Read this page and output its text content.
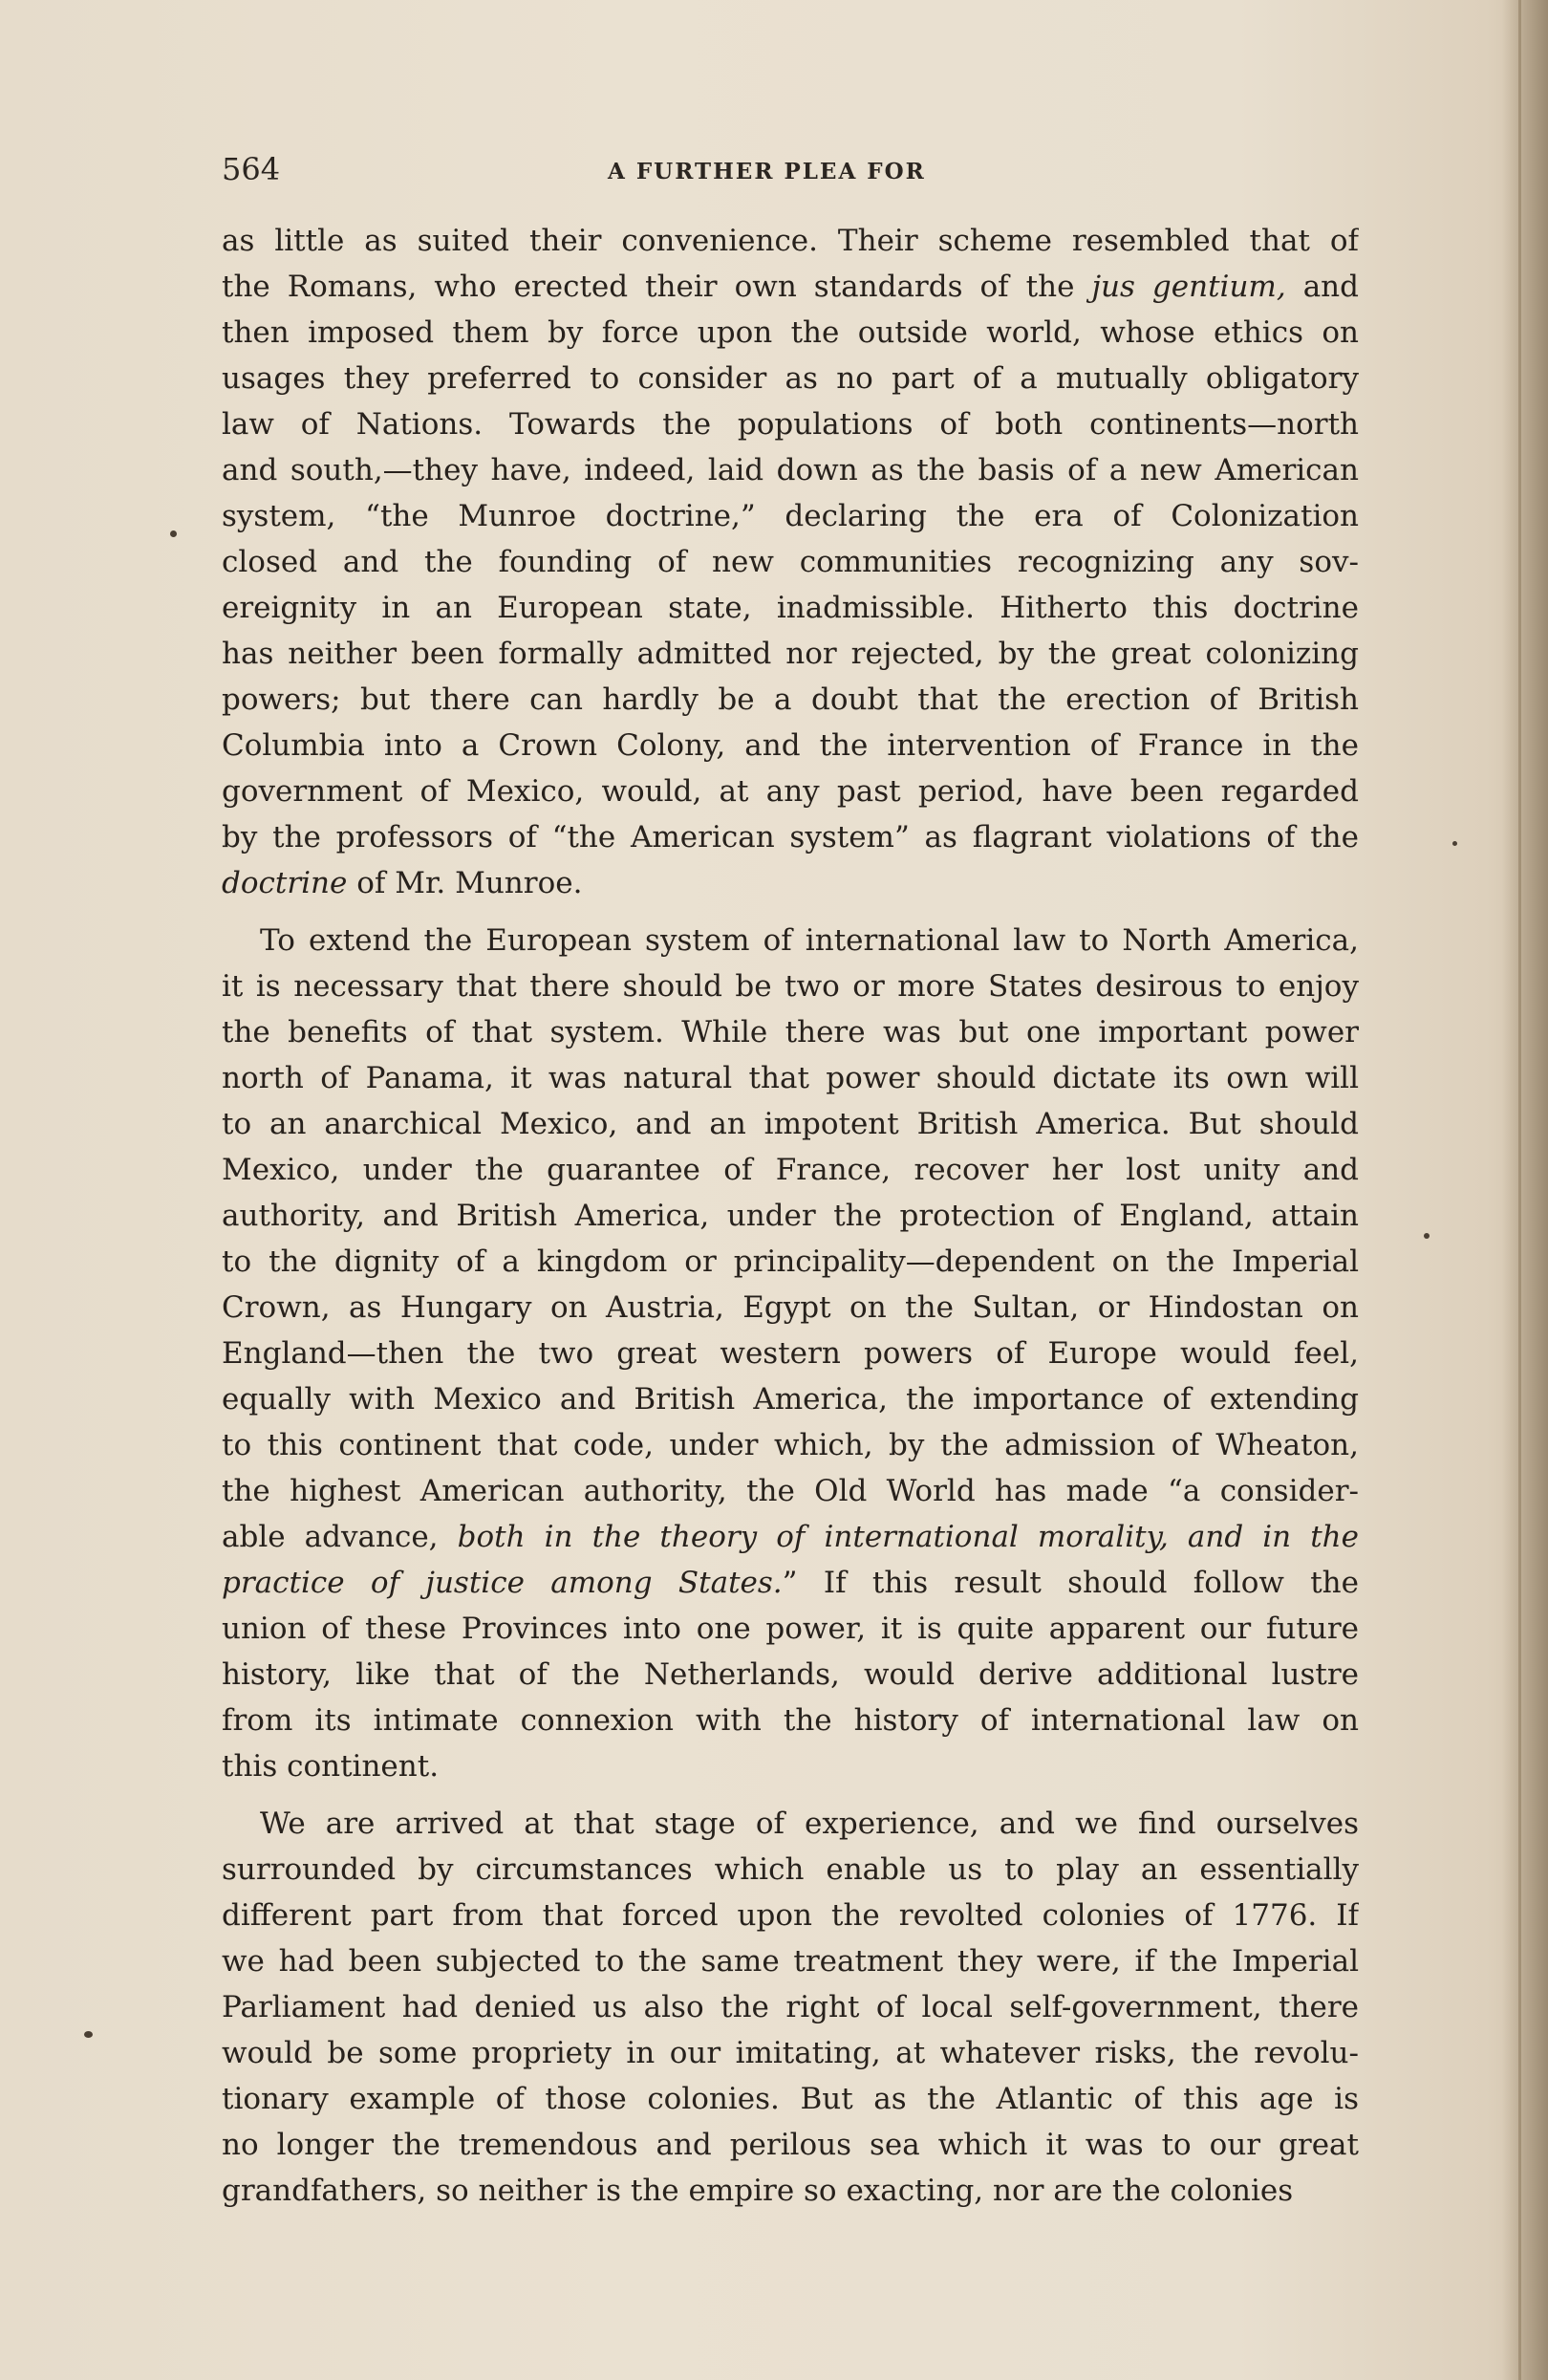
564	A FURTHER PLEA FOR
as little as suited their convenience. Their scheme resembled that of
the Romans, who erected their own standards of the jus gentium, and
then imposed them by force upon the outside world, whose ethics on
usages they preferred to consider as no part of a mutually obligatory
law of Nations. Towards the populations of both continents—north
and south,—they have, indeed, laid down as the basis of a new American
system, “the Munroe doctrine,” declaring the era of Colonization
closed and the founding of new communities recognizing any sov-
ereignity in an European state, inadmissible. Hitherto this doctrine
has neither been formally admitted nor rejected, by the great colonizing
powers; but there can hardly be a doubt that the erection of British
Columbia into a Crown Colony, and the intervention of France in the
government of Mexico, would, at any past period, have been regarded
by the professors of “the American system” as flagrant violations of the
doctrine of Mr. Munroe.
To extend the European system of international law to North America,
it is necessary that there should be two or more States desirous to enjoy
the benefits of that system. While there was but one important power
north of Panama, it was natural that power should dictate its own will
to an anarchical Mexico, and an impotent British America. But should
Mexico, under the guarantee of France, recover her lost unity and
authority, and British America, under the protection of England, attain
to the dignity of a kingdom or principality—dependent on the Imperial
Crown, as Hungary on Austria, Egypt on the Sultan, or Hindostan on
England—then the two great western powers of Europe would feel,
equally with Mexico and British America, the importance of extending
to this continent that code, under which, by the admission of Wheaton,
the highest American authority, the Old World has made “a consider-
able advance, both in the theory of international morality, and in the
practice of justice among States.” If this result should follow the
union of these Provinces into one power, it is quite apparent our future
history, like that of the Netherlands, would derive additional lustre
from its intimate connexion with the history of international law on
this continent.
We are arrived at that stage of experience, and we find ourselves
surrounded by circumstances which enable us to play an essentially
different part from that forced upon the revolted colonies of 1776. If
we had been subjected to the same treatment they were, if the Imperial
Parliament had denied us also the right of local self-government, there
would be some propriety in our imitating, at whatever risks, the revolu-
tionary example of those colonies. But as the Atlantic of this age is
no longer the tremendous and perilous sea which it was to our great
grandfathers, so neither is the empire so exacting, nor are the colonies
